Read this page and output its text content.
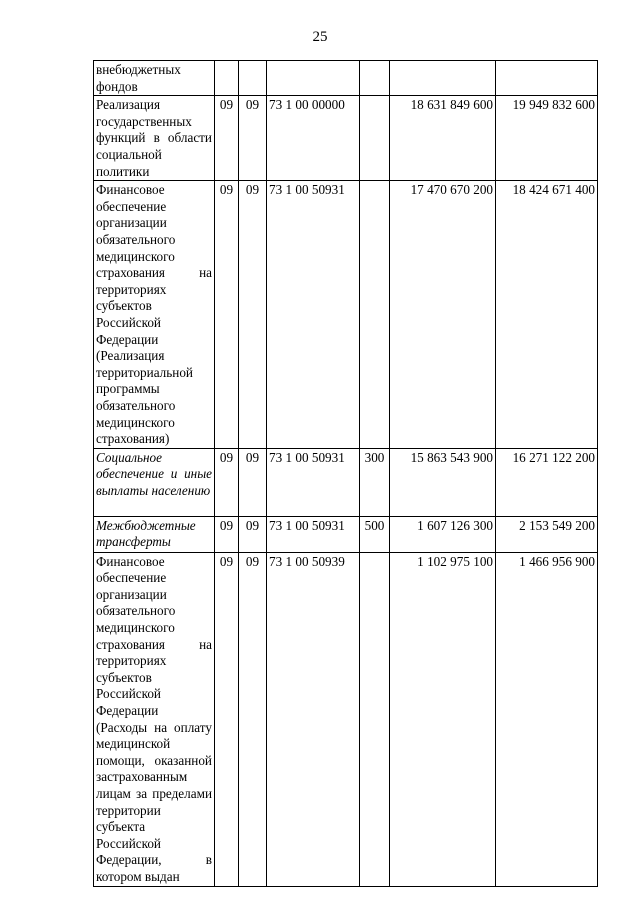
25
внебюджетных фондов						

Реализация государственных функций в области социальной политики	09	09	73 1 00 00000		18 631 849 600	19 949 832 600

Финансовое обеспечение организации обязательного медицинского страхования на территориях субъектов Российской Федерации (Реализация территориальной программы обязательного медицинского страхования)	09	09	73 1 00 50931		17 470 670 200	18 424 671 400

Социальное обеспечение и иные выплаты населению	09	09	73 1 00 50931	300	15 863 543 900	16 271 122 200

Межбюджетные трансферты	09	09	73 1 00 50931	500	1 607 126 300	2 153 549 200

Финансовое обеспечение организации обязательного медицинского страхования на территориях субъектов Российской Федерации (Расходы на оплату медицинской помощи, оказанной застрахованным лицам за пределами территории субъекта Российской Федерации, в котором выдан	09	09	73 1 00 50939		1 102 975 100	1 466 956 900
